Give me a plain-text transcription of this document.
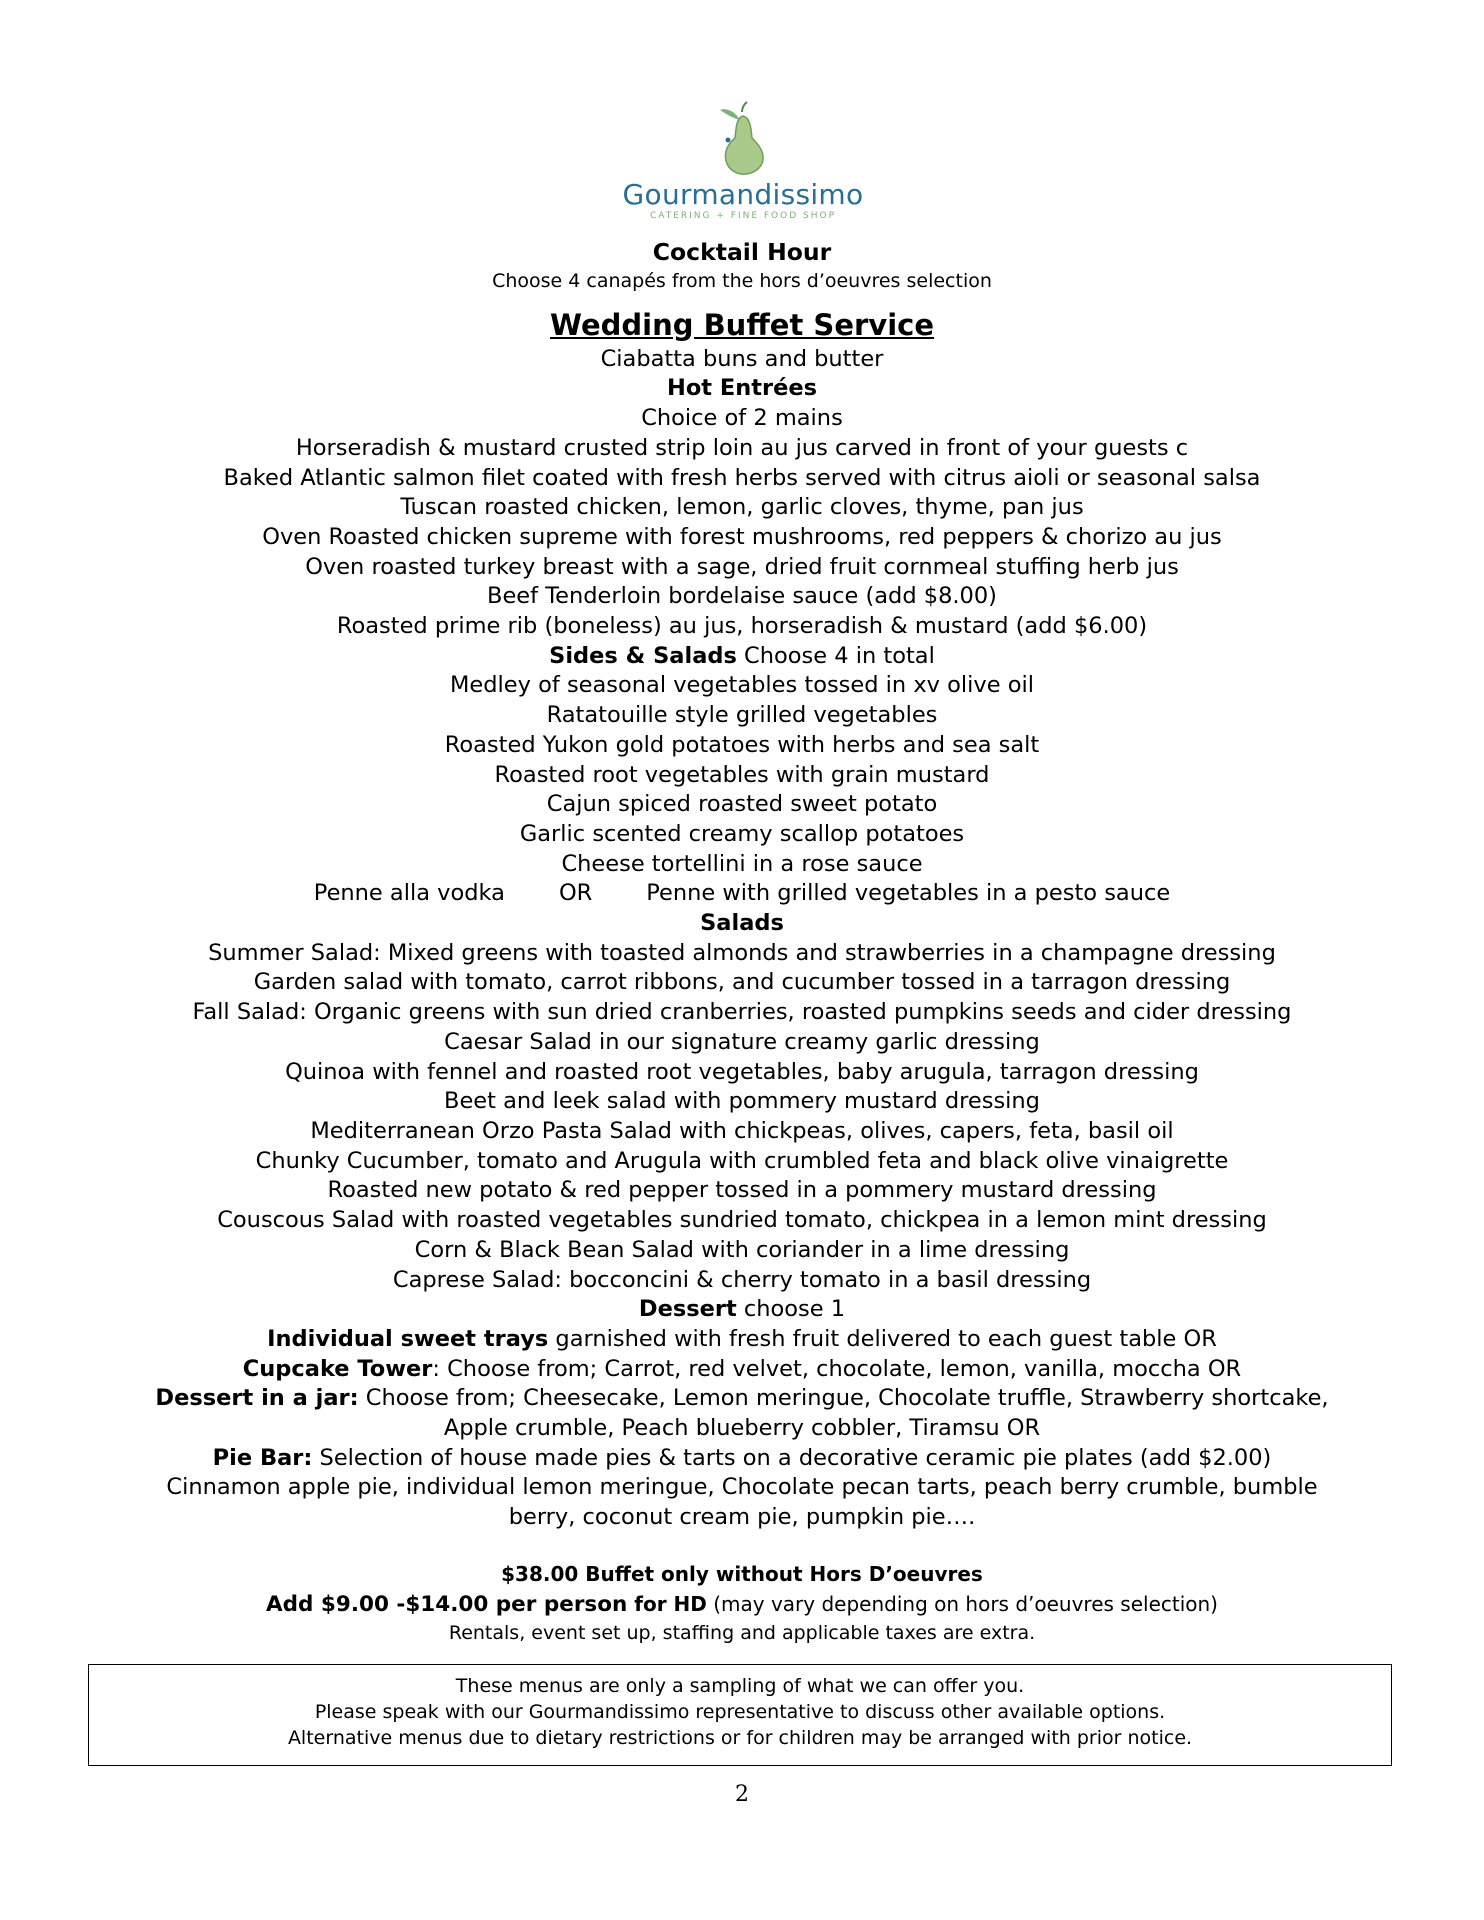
Gourmandissimo
CATERING + FINE FOOD SHOP
Cocktail Hour
Choose 4 canapés from the hors d’oeuvres selection
Wedding Buffet Service
Ciabatta buns and butter
Hot Entrées
Choice of 2 mains
Horseradish & mustard crusted strip loin au jus carved in front of your guests c
Baked Atlantic salmon filet coated with fresh herbs served with citrus aioli or seasonal salsa
Tuscan roasted chicken, lemon, garlic cloves, thyme, pan jus
Oven Roasted chicken supreme with forest mushrooms, red peppers & chorizo au jus
Oven roasted turkey breast with a sage, dried fruit cornmeal stuffing herb jus
Beef Tenderloin bordelaise sauce (add $8.00)
Roasted prime rib (boneless) au jus, horseradish & mustard (add $6.00)
Sides & Salads Choose 4 in total
Medley of seasonal vegetables tossed in xv olive oil
Ratatouille style grilled vegetables
Roasted Yukon gold potatoes with herbs and sea salt
Roasted root vegetables with grain mustard
Cajun spiced roasted sweet potato
Garlic scented creamy scallop potatoes
Cheese tortellini in a rose sauce
Penne alla vodka OR Penne with grilled vegetables in a pesto sauce
Salads
Summer Salad: Mixed greens with toasted almonds and strawberries in a champagne dressing
Garden salad with tomato, carrot ribbons, and cucumber tossed in a tarragon dressing
Fall Salad: Organic greens with sun dried cranberries, roasted pumpkins seeds and cider dressing
Caesar Salad in our signature creamy garlic dressing
Quinoa with fennel and roasted root vegetables, baby arugula, tarragon dressing
Beet and leek salad with pommery mustard dressing
Mediterranean Orzo Pasta Salad with chickpeas, olives, capers, feta, basil oil
Chunky Cucumber, tomato and Arugula with crumbled feta and black olive vinaigrette
Roasted new potato & red pepper tossed in a pommery mustard dressing
Couscous Salad with roasted vegetables sundried tomato, chickpea in a lemon mint dressing
Corn & Black Bean Salad with coriander in a lime dressing
Caprese Salad: bocconcini & cherry tomato in a basil dressing
Dessert choose 1
Individual sweet trays garnished with fresh fruit delivered to each guest table OR
Cupcake Tower: Choose from; Carrot, red velvet, chocolate, lemon, vanilla, moccha OR
Dessert in a jar: Choose from; Cheesecake, Lemon meringue, Chocolate truffle, Strawberry shortcake,
Apple crumble, Peach blueberry cobbler, Tiramsu OR
Pie Bar: Selection of house made pies & tarts on a decorative ceramic pie plates (add $2.00)
Cinnamon apple pie, individual lemon meringue, Chocolate pecan tarts, peach berry crumble, bumble
berry, coconut cream pie, pumpkin pie….
$38.00 Buffet only without Hors D’oeuvres
Add $9.00 -$14.00 per person for HD (may vary depending on hors d’oeuvres selection)
Rentals, event set up, staffing and applicable taxes are extra.
These menus are only a sampling of what we can offer you.
Please speak with our Gourmandissimo representative to discuss other available options.
Alternative menus due to dietary restrictions or for children may be arranged with prior notice.
2
